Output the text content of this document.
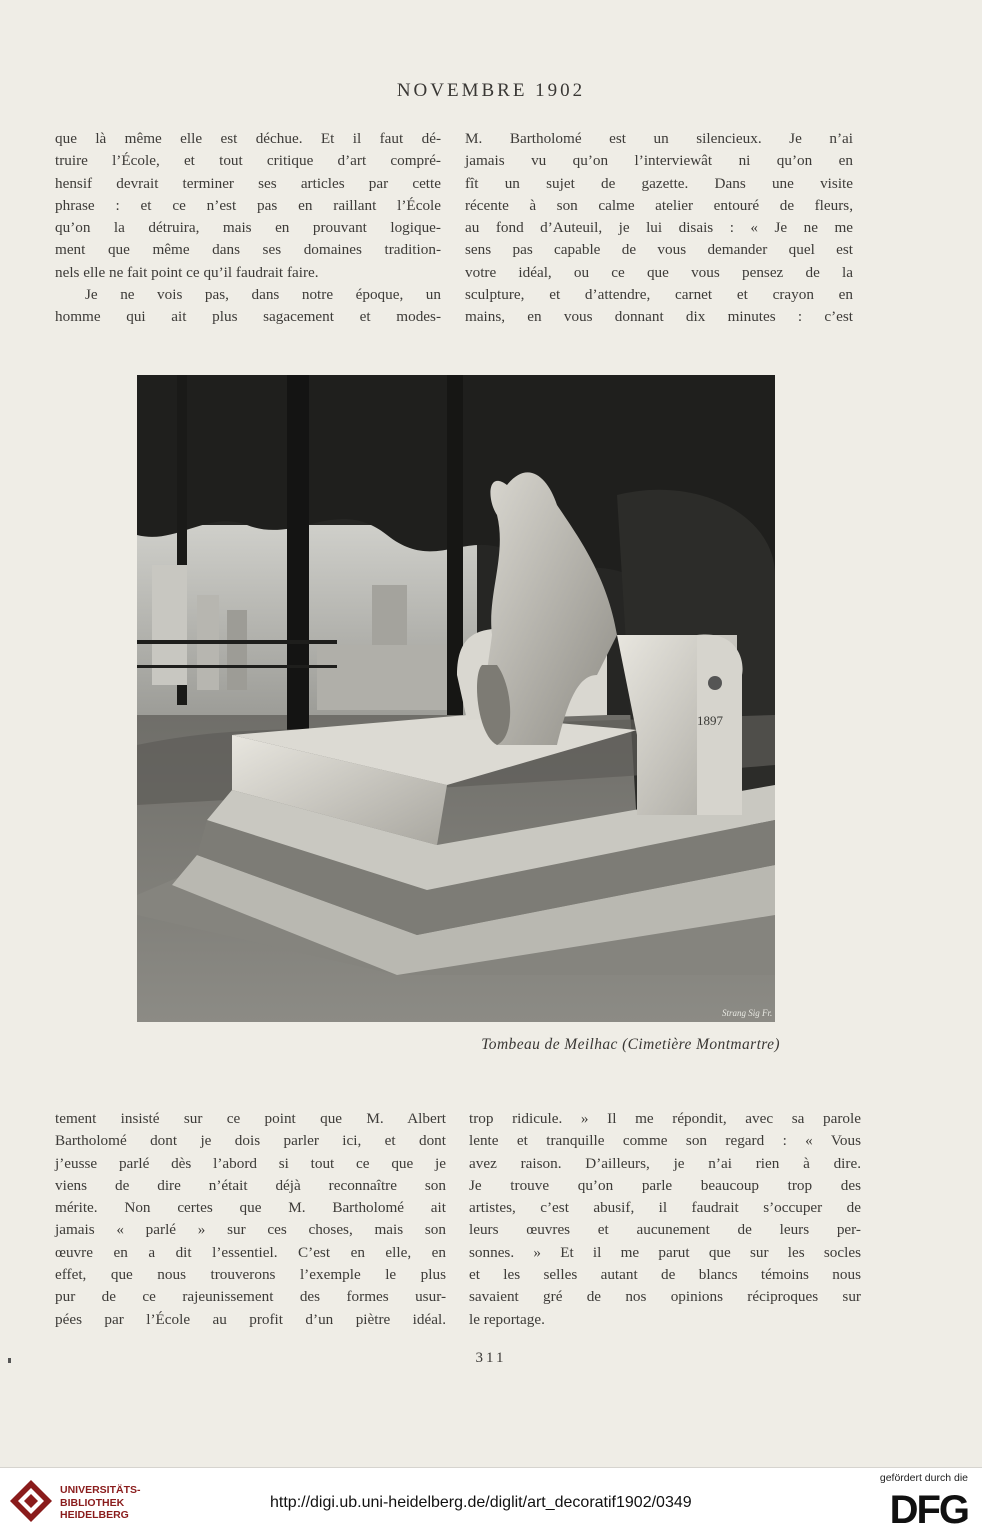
NOVEMBRE 1902

que là même elle est déchue. Et il faut dé-
truire l’École, et tout critique d’art compré-
hensif devrait terminer ses articles par cette
phrase : et ce n’est pas en raillant l’École
qu’on la détruira, mais en prouvant logique-
ment que même dans ses domaines tradition-
nels elle ne fait point ce qu’il faudrait faire.

Je ne vois pas, dans notre époque, un
homme qui ait plus sagacement et modes-

M. Bartholomé est un silencieux. Je n’ai
jamais vu qu’on l’interviewât ni qu’on en
fît un sujet de gazette. Dans une visite
récente à son calme atelier entouré de fleurs,
au fond d’Auteuil, je lui disais : « Je ne me
sens pas capable de vous demander quel est
votre idéal, ou ce que vous pensez de la
sculpture, et d’attendre, carnet et crayon en
mains, en vous donnant dix minutes : c’est

1897
Strang Sig Fr.
Tombeau de Meilhac (Cimetière Montmartre)

tement insisté sur ce point que M. Albert
Bartholomé dont je dois parler ici, et dont
j’eusse parlé dès l’abord si tout ce que je
viens de dire n’était déjà reconnaître son
mérite. Non certes que M. Bartholomé ait
jamais « parlé » sur ces choses, mais son
œuvre en a dit l’essentiel. C’est en elle, en
effet, que nous trouverons l’exemple le plus
pur de ce rajeunissement des formes usur-
pées par l’École au profit d’un piètre idéal.

trop ridicule. » Il me répondit, avec sa parole
lente et tranquille comme son regard : « Vous
avez raison. D’ailleurs, je n’ai rien à dire.
Je trouve qu’on parle beaucoup trop des
artistes, c’est abusif, il faudrait s’occuper de
leurs œuvres et aucunement de leurs per-
sonnes. » Et il me parut que sur les socles
et les selles autant de blancs témoins nous
savaient gré de nos opinions réciproques sur
le reportage.

311
UNIVERSITÄTS-
BIBLIOTHEK
HEIDELBERG
http://digi.ub.uni-heidelberg.de/diglit/art_decoratif1902/0349
gefördert durch die
DFG
